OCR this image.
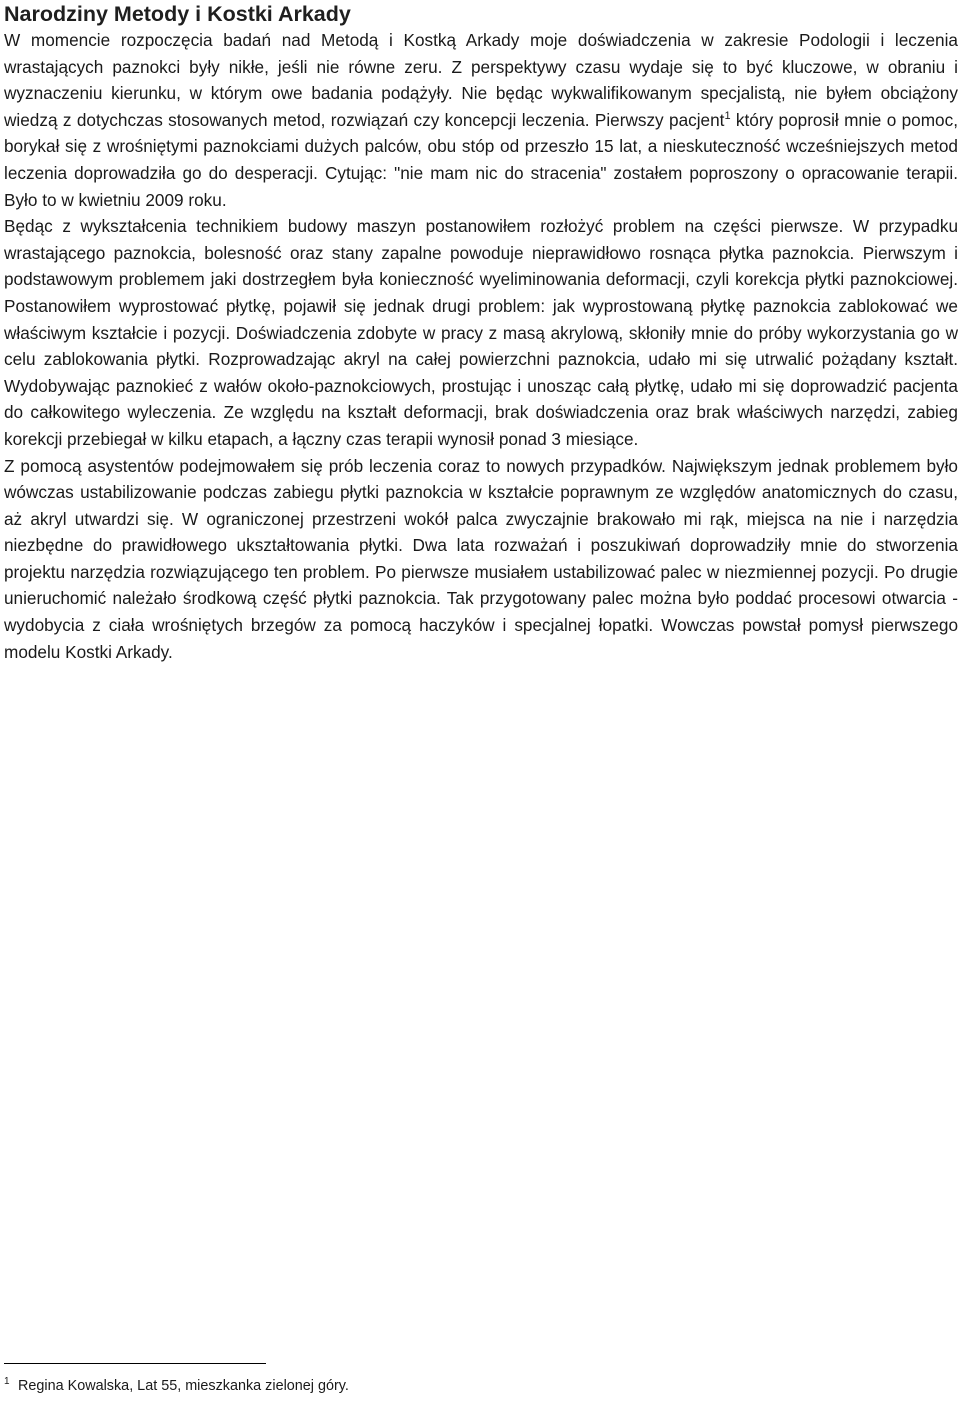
Narodziny Metody i Kostki Arkady

W momencie rozpoczęcia badań nad Metodą i Kostką Arkady moje doświadczenia w zakresie Podologii i leczenia wrastających paznokci były nikłe, jeśli nie równe zeru. Z perspektywy czasu wydaje się to być kluczowe, w obraniu i wyznaczeniu kierunku, w którym owe badania podążyły. Nie będąc wykwalifikowanym specjalistą, nie byłem obciążony wiedzą z dotychczas stosowanych metod, rozwiązań czy koncepcji leczenia. Pierwszy pacjent$^1$ który poprosił mnie o pomoc, borykał się z wrośniętymi paznokciami dużych palców, obu stóp od przeszło 15 lat, a nieskuteczność wcześniejszych metod leczenia doprowadziła go do desperacji. Cytując: "nie mam nic do stracenia" zostałem poproszony o opracowanie terapii. Było to w kwietniu 2009 roku.

Będąc z wykształcenia technikiem budowy maszyn postanowiłem rozłożyć problem na części pierwsze. W przypadku wrastającego paznokcia, bolesność oraz stany zapalne powoduje nieprawidłowo rosnąca płytka paznokcia. Pierwszym i podstawowym problemem jaki dostrzegłem była konieczność wyeliminowania deformacji, czyli korekcja płytki paznokciowej. Postanowiłem wyprostować płytkę, pojawił się jednak drugi problem: jak wyprostowaną płytkę paznokcia zablokować we właściwym kształcie i pozycji. Doświadczenia zdobyte w pracy z masą akrylową, skłoniły mnie do próby wykorzystania go w celu zablokowania płytki. Rozprowadzając akryl na całej powierzchni paznokcia, udało mi się utrwalić pożądany kształt. Wydobywając paznokieć z wałów około-paznokciowych, prostując i unosząc całą płytkę, udało mi się doprowadzić pacjenta do całkowitego wyleczenia. Ze względu na kształt deformacji, brak doświadczenia oraz brak właściwych narzędzi, zabieg korekcji przebiegał w kilku etapach, a łączny czas terapii wynosił ponad 3 miesiące.

Z pomocą asystentów podejmowałem się prób leczenia coraz to nowych przypadków. Największym jednak problemem było wówczas ustabilizowanie podczas zabiegu płytki paznokcia w kształcie poprawnym ze względów anatomicznych do czasu, aż akryl utwardzi się. W ograniczonej przestrzeni wokół palca zwyczajnie brakowało mi rąk, miejsca na nie i narzędzia niezbędne do prawidłowego ukształtowania płytki. Dwa lata rozważań i poszukiwań doprowadziły mnie do stworzenia projektu narzędzia rozwiązującego ten problem. Po pierwsze musiałem ustabilizować palec w niezmiennej pozycji. Po drugie unieruchomić należało środkową część płytki paznokcia. Tak przygotowany palec można było poddać procesowi otwarcia - wydobycia z ciała wrośniętych brzegów za pomocą haczyków i specjalnej łopatki. Wowczas powstał pomysł pierwszego modelu Kostki Arkady.

1 Regina Kowalska, Lat 55, mieszkanka zielonej góry.
